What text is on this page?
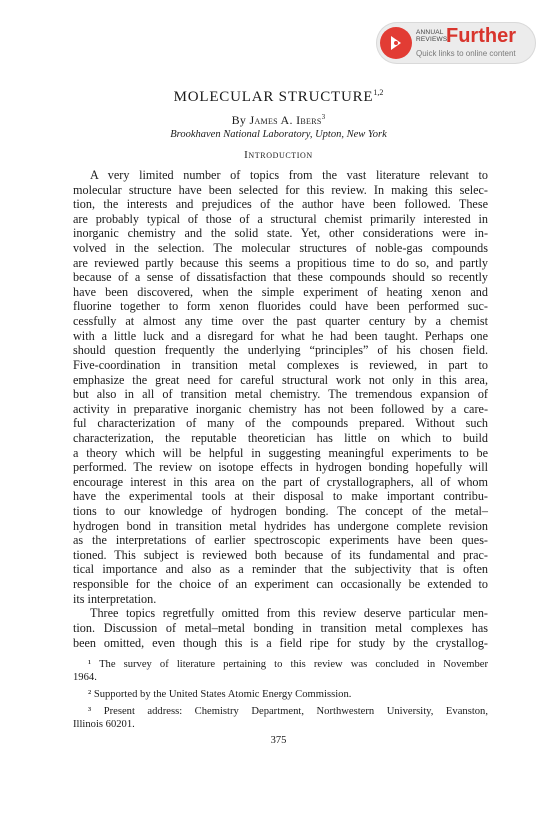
ANNUAL
REVIEWS
Further
Quick links to online content
MOLECULAR STRUCTURE$^{1,2}$
By James A. Ibers$^3$
Brookhaven National Laboratory, Upton, New York
Introduction
A very limited number of topics from the vast literature relevant to
molecular structure have been selected for this review. In making this selec-
tion, the interests and prejudices of the author have been followed. These
are probably typical of those of a structural chemist primarily interested in
inorganic chemistry and the solid state. Yet, other considerations were in-
volved in the selection. The molecular structures of noble-gas compounds
are reviewed partly because this seems a propitious time to do so, and partly
because of a sense of dissatisfaction that these compounds should so recently
have been discovered, when the simple experiment of heating xenon and
fluorine together to form xenon fluorides could have been performed suc-
cessfully at almost any time over the past quarter century by a chemist
with a little luck and a disregard for what he had been taught. Perhaps one
should question frequently the underlying “principles” of his chosen field.
Five-coordination in transition metal complexes is reviewed, in part to
emphasize the great need for careful structural work not only in this area,
but also in all of transition metal chemistry. The tremendous expansion of
activity in preparative inorganic chemistry has not been followed by a care-
ful characterization of many of the compounds prepared. Without such
characterization, the reputable theoretician has little on which to build
a theory which will be helpful in suggesting meaningful experiments to be
performed. The review on isotope effects in hydrogen bonding hopefully will
encourage interest in this area on the part of crystallographers, all of whom
have the experimental tools at their disposal to make important contribu-
tions to our knowledge of hydrogen bonding. The concept of the metal–
hydrogen bond in transition metal hydrides has undergone complete revision
as the interpretations of earlier spectroscopic experiments have been ques-
tioned. This subject is reviewed both because of its fundamental and prac-
tical importance and also as a reminder that the subjectivity that is often
responsible for the choice of an experiment can occasionally be extended to
its interpretation.
Three topics regretfully omitted from this review deserve particular men-
tion. Discussion of metal–metal bonding in transition metal complexes has
been omitted, even though this is a field ripe for study by the crystallog-
¹ The survey of literature pertaining to this review was concluded in November
1964.
² Supported by the United States Atomic Energy Commission.
³ Present address: Chemistry Department, Northwestern University, Evanston,
Illinois 60201.
375
